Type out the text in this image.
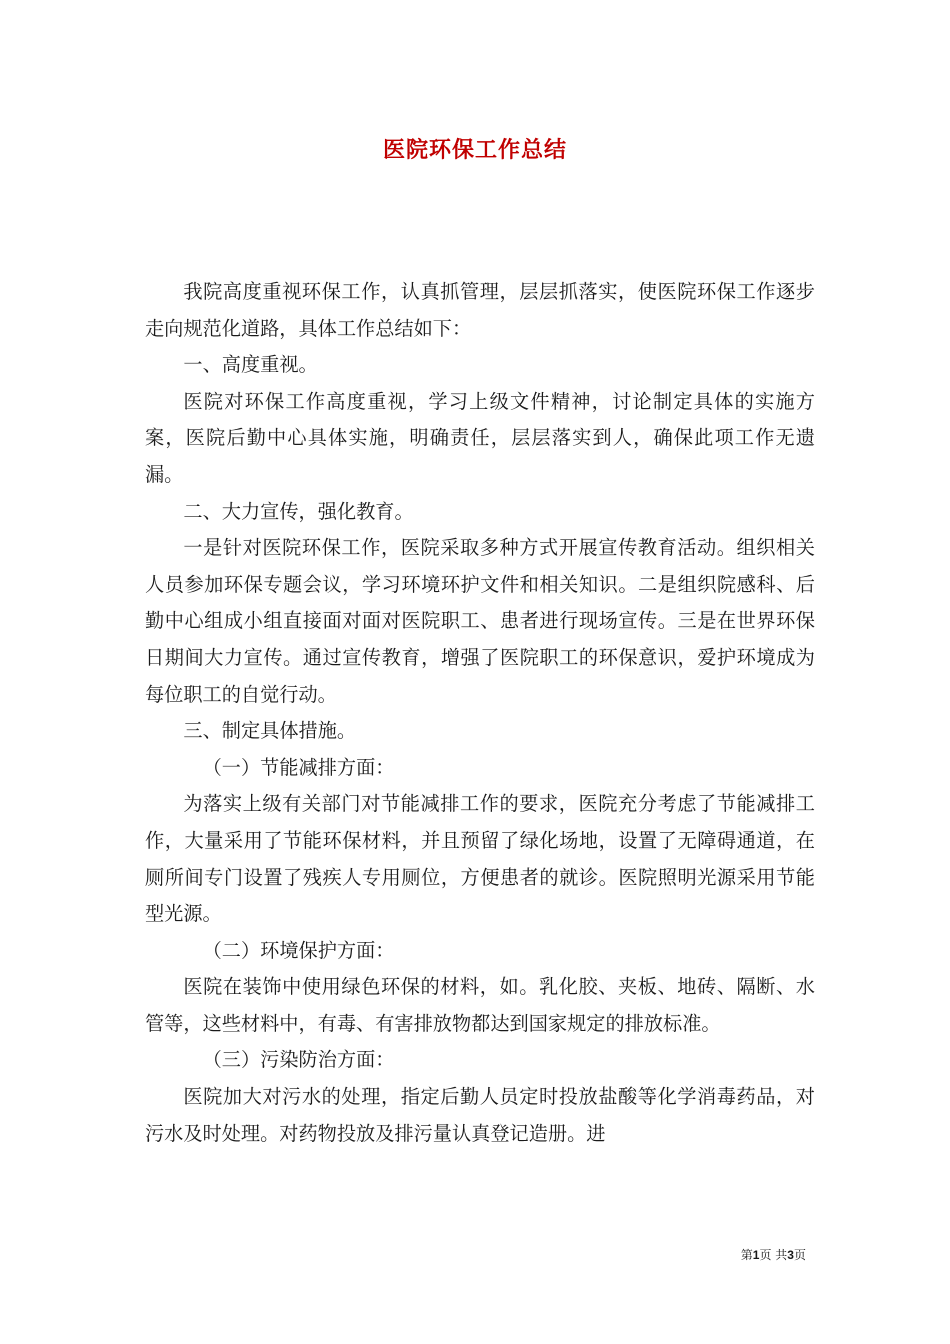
医院环保工作总结

我院高度重视环保工作，认真抓管理，层层抓落实，使医院环保工作逐步走向规范化道路，具体工作总结如下：

一、高度重视。

医院对环保工作高度重视，学习上级文件精神，讨论制定具体的实施方案，医院后勤中心具体实施，明确责任，层层落实到人，确保此项工作无遗漏。

二、大力宣传，强化教育。

一是针对医院环保工作，医院采取多种方式开展宣传教育活动。组织相关人员参加环保专题会议，学习环境环护文件和相关知识。二是组织院感科、后勤中心组成小组直接面对面对医院职工、患者进行现场宣传。三是在世界环保日期间大力宣传。通过宣传教育，增强了医院职工的环保意识，爱护环境成为每位职工的自觉行动。

三、制定具体措施。

（一）节能减排方面：

为落实上级有关部门对节能减排工作的要求，医院充分考虑了节能减排工作，大量采用了节能环保材料，并且预留了绿化场地，设置了无障碍通道，在厕所间专门设置了残疾人专用厕位，方便患者的就诊。医院照明光源采用节能型光源。

（二）环境保护方面：

医院在装饰中使用绿色环保的材料，如。乳化胶、夹板、地砖、隔断、水管等，这些材料中，有毒、有害排放物都达到国家规定的排放标准。

（三）污染防治方面：

医院加大对污水的处理，指定后勤人员定时投放盐酸等化学消毒药品，对污水及时处理。对药物投放及排污量认真登记造册。进

第1页 共3页
